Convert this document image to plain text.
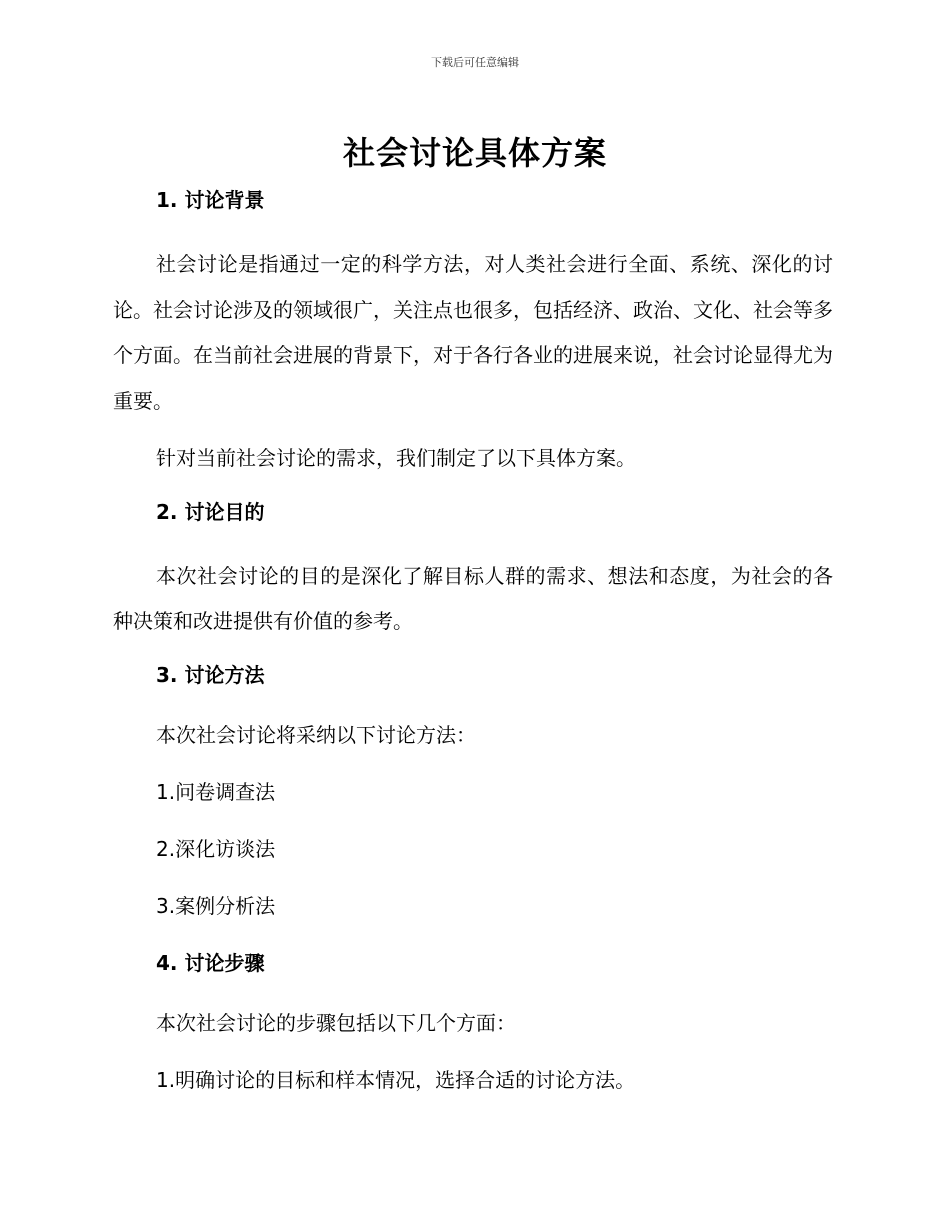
下载后可任意编辑
社会讨论具体方案
1. 讨论背景
社会讨论是指通过一定的科学方法，对人类社会进行全面、系统、深化的讨论。社会讨论涉及的领域很广，关注点也很多，包括经济、政治、文化、社会等多个方面。在当前社会进展的背景下，对于各行各业的进展来说，社会讨论显得尤为重要。
针对当前社会讨论的需求，我们制定了以下具体方案。
2. 讨论目的
本次社会讨论的目的是深化了解目标人群的需求、想法和态度，为社会的各种决策和改进提供有价值的参考。
3. 讨论方法
本次社会讨论将采纳以下讨论方法：
1.问卷调查法
2.深化访谈法
3.案例分析法
4. 讨论步骤
本次社会讨论的步骤包括以下几个方面：
1.明确讨论的目标和样本情况，选择合适的讨论方法。
